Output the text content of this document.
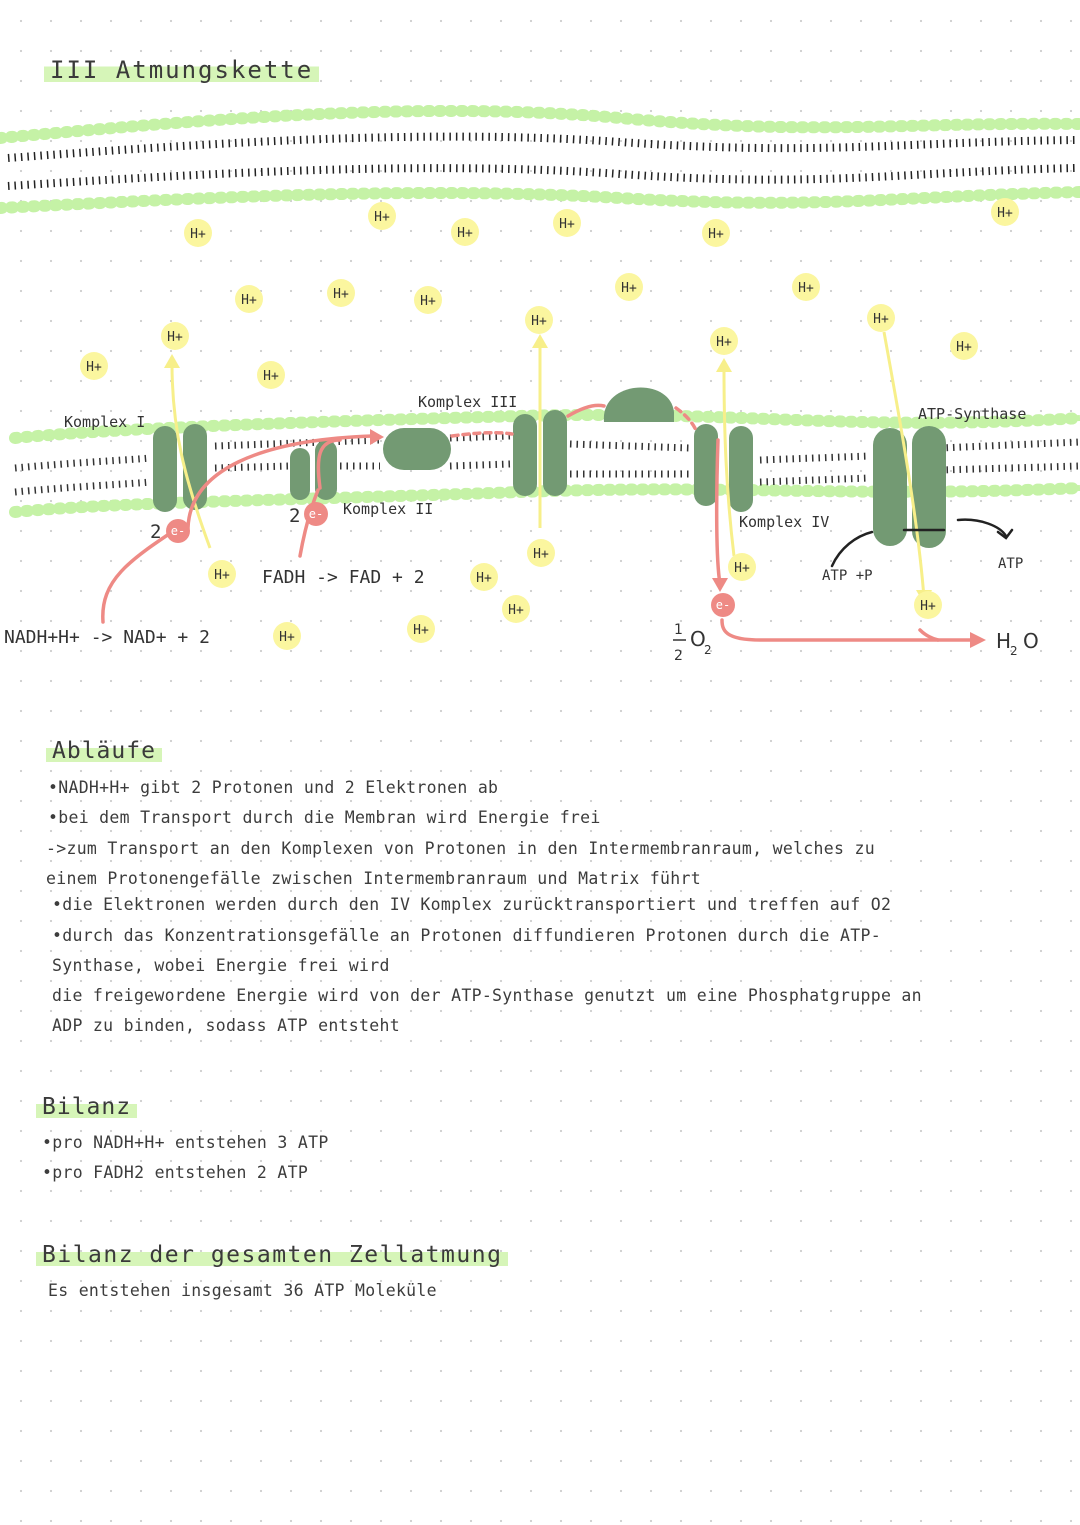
III Atmungskette
H+
H+
H+
H+
H+
H+
H+	H+	H+
H+	H+
H+	H+
H+	H+	H+
H+
H+
H+
H+
H+
H+
H+
H+
H+
H+
e-
e-
e-
Komplex I
Komplex III
Komplex II
Komplex IV
ATP-Synthase
2
2
NADH+H+ -> NAD+ + 2
FADH -> FAD + 2	ATP +P
ATP
1
2
O
2	H
2 O
Abläufe
•NADH+H+ gibt 2 Protonen und 2 Elektronen ab
•bei dem Transport durch die Membran wird Energie frei
->zum Transport an den Komplexen von Protonen in den Intermembranraum, welches zu
einem Protonengefälle zwischen Intermembranraum und Matrix führt
•die Elektronen werden durch den IV Komplex zurücktransportiert und treffen auf O2
•durch das Konzentrationsgefälle an Protonen diffundieren Protonen durch die ATP-
Synthase, wobei Energie frei wird
die freigewordene Energie wird von der ATP-Synthase genutzt um eine Phosphatgruppe an
ADP zu binden, sodass ATP entsteht
Bilanz
•pro NADH+H+ entstehen 3 ATP
•pro FADH2 entstehen 2 ATP
Bilanz der gesamten Zellatmung
Es entstehen insgesamt 36 ATP Moleküle
